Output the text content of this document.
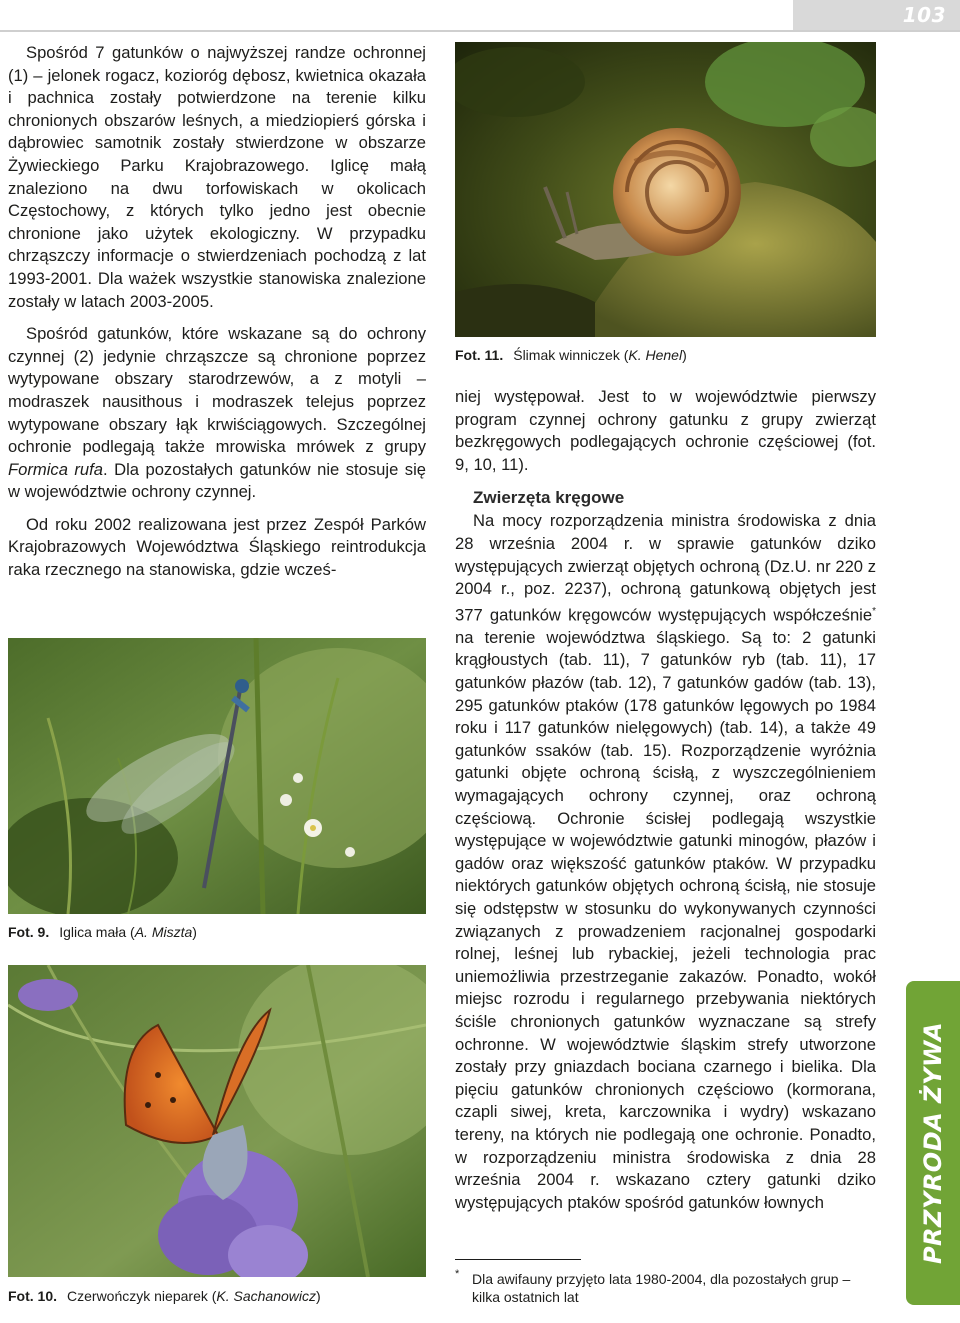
103

Spośród 7 gatunków o najwyższej randze ochronnej (1) – jelonek rogacz, kozioróg dębosz, kwietnica okazała i pachnica zostały potwierdzone na terenie kilku chronionych obszarów leśnych, a miedziopierś górska i dąbrowiec samotnik zostały stwierdzone w obszarze Żywieckiego Parku Krajobrazowego. Iglicę małą znaleziono na dwu torfowiskach w okolicach Częstochowy, z których tylko jedno jest obecnie chronione jako użytek ekologiczny. W przypadku chrząszczy informacje o stwierdzeniach pochodzą z lat 1993-2001. Dla ważek wszystkie stanowiska znalezione zostały w latach 2003-2005.

Spośród gatunków, które wskazane są do ochrony czynnej (2) jedynie chrząszcze są chronione poprzez wytypowane obszary starodrzewów, a z motyli – modraszek nausithous i modraszek telejus poprzez wytypowane obszary łąk krwiściągowych. Szczególnej ochronie podlegają także mrowiska mrówek z grupy Formica rufa. Dla pozostałych gatunków nie stosuje się w województwie ochrony czynnej.

Od roku 2002 realizowana jest przez Zespół Parków Krajobrazowych Województwa Śląskiego reintrodukcja raka rzecznego na stanowiska, gdzie wcześ-

Fot. 11. Ślimak winniczek (K. Henel)
Fot. 9. Iglica mała (A. Miszta)
Fot. 10. Czerwończyk nieparek (K. Sachanowicz)

niej występował. Jest to w województwie pierwszy program czynnej ochrony gatunku z grupy zwierząt bezkręgowych podlegających ochronie częściowej (fot. 9, 10, 11).

Zwierzęta kręgowe

Na mocy rozporządzenia ministra środowiska z dnia 28 września 2004 r. w sprawie gatunków dziko występujących zwierząt objętych ochroną (Dz.U. nr 220 z 2004 r., poz. 2237), ochroną gatunkową objętych jest 377 gatunków kręgowców występujących współcześnie* na terenie województwa śląskiego. Są to: 2 gatunki krągłoustych (tab. 11), 7 gatunków ryb (tab. 11), 17 gatunków płazów (tab. 12), 7 gatunków gadów (tab. 13), 295 gatunków ptaków (178 gatunków lęgowych po 1984 roku i 117 gatunków nielęgowych) (tab. 14), a także 49 gatunków ssaków (tab. 15). Rozporządzenie wyróżnia gatunki objęte ochroną ścisłą, z wyszczególnieniem wymagających ochrony czynnej, oraz ochroną częściową. Ochronie ścisłej podlegają wszystkie występujące w województwie gatunki minogów, płazów i gadów oraz większość gatunków ptaków. W przypadku niektórych gatunków objętych ochroną ścisłą, nie stosuje się odstępstw w stosunku do wykonywanych czynności związanych z prowadzeniem racjonalnej gospodarki rolnej, leśnej lub rybackiej, jeżeli technologia prac uniemożliwia przestrzeganie zakazów. Ponadto, wokół miejsc rozrodu i regularnego przebywania niektórych ściśle chronionych gatunków wyznaczane są strefy ochronne. W województwie śląskim strefy utworzone zostały przy gniazdach bociana czarnego i bielika. Dla pięciu gatunków chronionych częściowo (kormorana, czapli siwej, kreta, karczownika i wydry) wskazano tereny, na których nie podlegają one ochronie. Ponadto, w rozporządzeniu ministra środowiska z dnia 28 września 2004 r. wskazano cztery gatunki dziko występujących ptaków spośród gatunków łownych

* Dla awifauny przyjęto lata 1980-2004, dla pozostałych grup – kilka ostatnich lat
PRZYRODA ŻYWA
